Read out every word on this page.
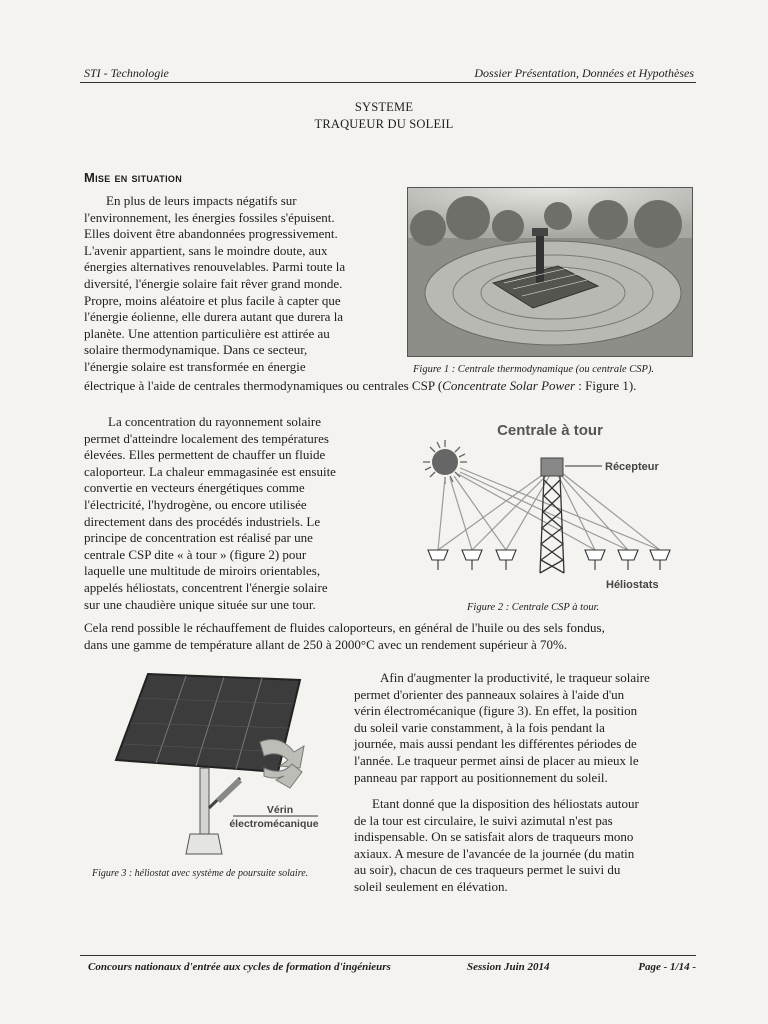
STI - Technologie	Dossier Présentation, Données et Hypothèses
SYSTEME
TRAQUEUR DU SOLEIL
Mise en situation
En plus de leurs impacts négatifs sur
l'environnement, les énergies fossiles s'épuisent.
Elles doivent être abandonnées progressivement.
L'avenir appartient, sans le moindre doute, aux
énergies alternatives renouvelables. Parmi toute la
diversité, l'énergie solaire fait rêver grand monde.
Propre, moins aléatoire et plus facile à capter que
l'énergie éolienne, elle durera autant que durera la
planète. Une attention particulière est attirée au
solaire thermodynamique. Dans ce secteur,
l'énergie solaire est transformée en énergie	Figure 1 : Centrale thermodynamique (ou centrale CSP).
électrique à l'aide de centrales thermodynamiques ou centrales CSP (Concentrate Solar Power : Figure 1).
La concentration du rayonnement solaire
permet d'atteindre localement des températures
élevées. Elles permettent de chauffer un fluide
caloporteur. La chaleur emmagasinée est ensuite
convertie en vecteurs énergétiques comme
l'électricité, l'hydrogène, ou encore utilisée
directement dans des procédés industriels. Le
principe de concentration est réalisé par une
centrale CSP dite « à tour » (figure 2) pour
laquelle une multitude de miroirs orientables,
appelés héliostats, concentrent l'énergie solaire
sur une chaudière unique située sur une tour.
Centrale à tour
Récepteur
Héliostats
Figure 2 : Centrale CSP à tour.
Cela rend possible le réchauffement de fluides caloporteurs, en général de l'huile ou des sels fondus,
dans une gamme de température allant de 250 à 2000°C avec un rendement supérieur à 70%.
Vérin
électromécanique
Figure 3 : héliostat avec système de poursuite solaire.
Afin d'augmenter la productivité, le traqueur solaire
permet d'orienter des panneaux solaires à l'aide d'un
vérin électromécanique (figure 3). En effet, la position
du soleil varie constamment, à la fois pendant la
journée, mais aussi pendant les différentes périodes de
l'année. Le traqueur permet ainsi de placer au mieux le
panneau par rapport au positionnement du soleil.
Etant donné que la disposition des héliostats autour
de la tour est circulaire, le suivi azimutal n'est pas
indispensable. On se satisfait alors de traqueurs mono
axiaux. A mesure de l'avancée de la journée (du matin
au soir), chacun de ces traqueurs permet le suivi du
soleil seulement en élévation.
Concours nationaux d'entrée aux cycles de formation d'ingénieurs	Session Juin 2014	Page - 1/14 -
